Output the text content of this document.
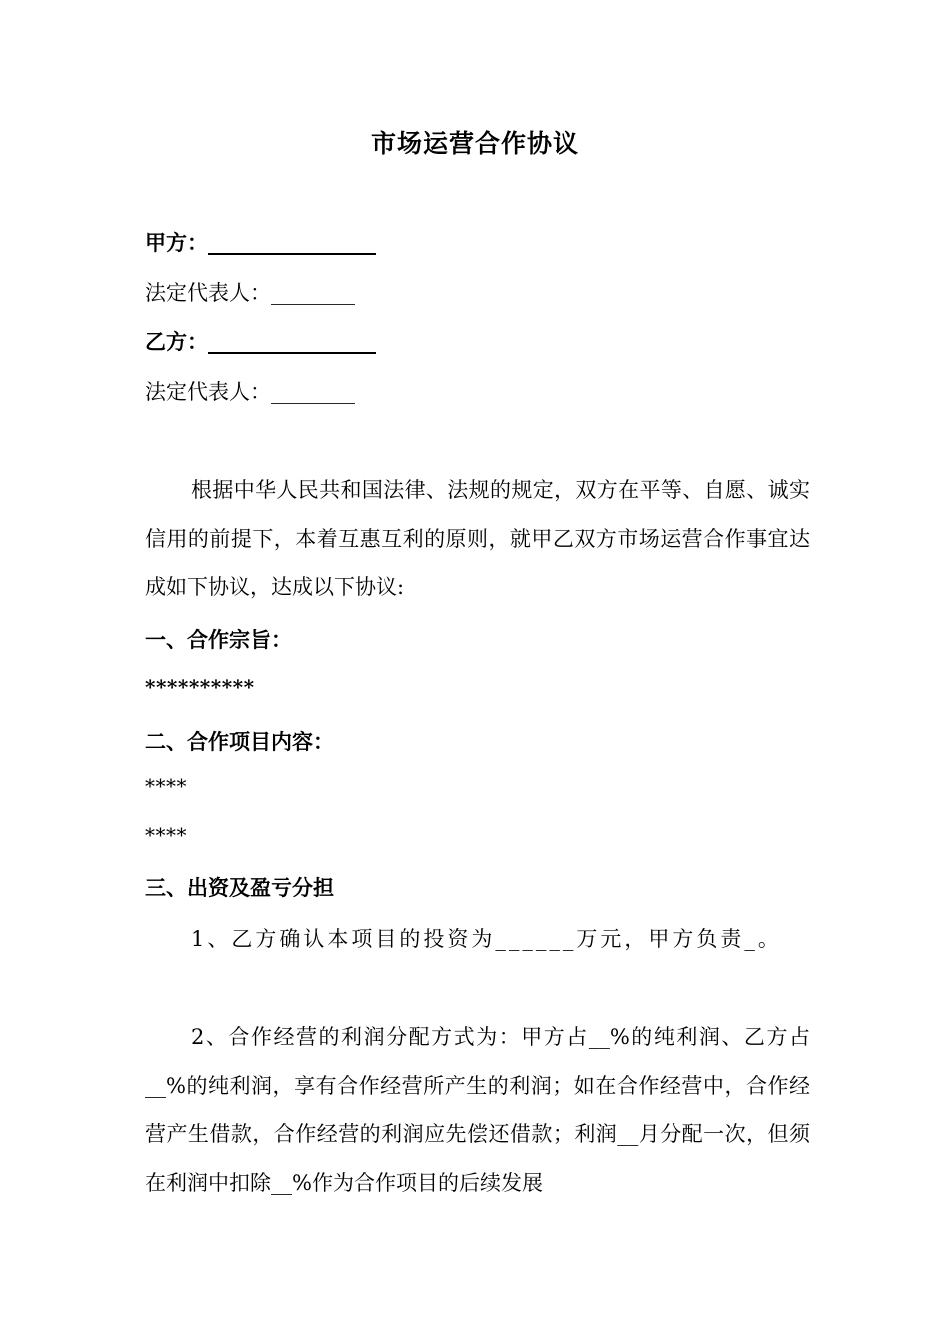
市场运营合作协议
甲方：________________
法定代表人：________
乙方：________________
法定代表人：________
根据中华人民共和国法律、法规的规定，双方在平等、自愿、诚实信用的前提下，本着互惠互利的原则，就甲乙双方市场运营合作事宜达成如下协议，达成以下协议:
一、合作宗旨：
**********
二、合作项目内容：
****
****
三、出资及盈亏分担
1、乙方确认本项目的投资为______万元，甲方负责_。
2、合作经营的利润分配方式为：甲方占__%的纯利润、乙方占__%的纯利润，享有合作经营所产生的利润；如在合作经营中，合作经营产生借款，合作经营的利润应先偿还借款；利润__月分配一次，但须在利润中扣除__%作为合作项目的后续发展
